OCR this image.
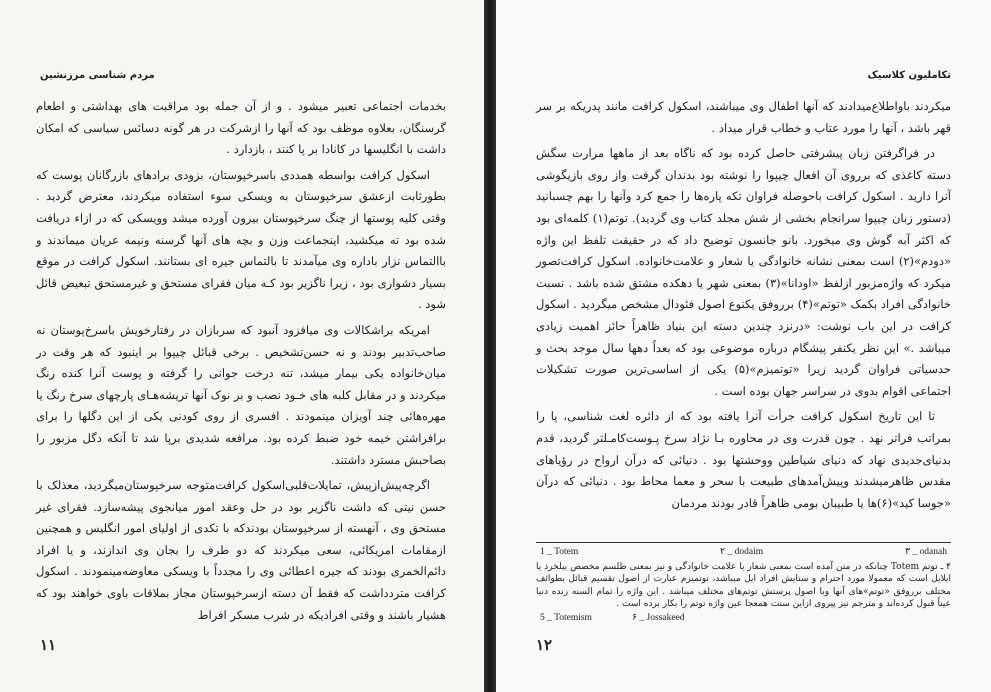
مردم شناسی مرزنشین

بخدمات اجتماعی تعبیر میشود . و از آن جمله بود مراقبت های بهداشتی و اطعام گرسنگان، بعلاوه موظف بود که آنها را ازشرکت در هر گونه دسائس سیاسی که امکان داشت با انگلیسها در کانادا بر پا کنند ، بازدارد .

اسکول کرافت بواسطه همددی باسرخپوستان، بزودی برادهای بازرگانان پوست که بطورثابت ازعشق سرخپوستان به ویسکی سوء استفاده میکردند، معترض گردید . وقتی کلیه پوستها از چنگ سرخپوستان بیرون آورده میشد وویسکی که در ازاء دریافت شده بود ته میکشید، اینجماعت وزن و بچه های آنها گرسنه ونیمه عریان میماندند و باالتماس نزار باداره وی میآمدند تا بالتماس جیره ای بستانند. اسکول کرافت در موقع بسیار دشواری بود ، زیرا ناگزیر بود کـه میان فقرای مستحق و غیرمستحق تبعیض قائل شود .

امریکه براشکالات وی میافزود آنبود که سربازان در رفتارخویش باسرخ‌پوستان نه صاحب‌تدبیر بودند و نه حسن‌تشخیص . برخی قبائل چیپوا بر اینبود که هر وقت در میان‌خانواده یکی بیمار میشد، تنه درخت جوانی را گرفته و پوست آنرا کنده رنگ میکردند و در مقابل کلبه های خـود نصب و بر نوک آنها تریشه‌هـای پارچهای سرخ رنگ یا مهره‌هائی چند آویزان مینمودند . افسری از روی کودنی یکی از این دگلها را برای برافراشتن خیمه خود ضبط کرده بود. مرافعه شدیدی برپا شد تا آنکه دگل مزبور را بصاحبش مسترد داشتند.

اگرچه‌پیش‌ازپیش، تمایلات‌قلبی‌اسکول کرافت‌متوجه سرخپوستان‌میگردید، معذلک با حسن نیتی که داشت ناگزیر بود در حل وعقد امور میانجوی پیشه‌سازد. فقرای غیر مستحق وی ، آنهسته از سرخپوستان بودندکه با تکدی از اولیای امور انگلیس و همچنین ازمقامات امریکائی، سعی میکردند که دو طرف را بجان وی اندازند، و یا افراد دائم‌الخمری بودند که جیره اعطائی وی را مجدداً با ویسکی معاوضه‌مینمودند . اسکول کرافت متردداشت که فقط آن دسته ازسرخپوستان مجاز بملاقات باوی خواهند بود که هشیار باشند و وقتی افرادیکه در شرب مسکر افراط

۱۱
تکاملیون کلاسیک

میکردند باواطلاع‌میدادند که آنها اطفال وی میباشند، اسکول کرافت مانند پدریکه بر سر قهر باشد ، آنها را مورد عتاب و خطاب قرار میداد .

در فراگرفتن زبان پیشرفتی حاصل کرده بود که ناگاه بعد از ماهها مرارت سگش دسته کاغذی که برروی آن افعال چیپوا را نوشته بود بدندان گرفت واز روی بازیگوشی آنرا دارید . اسکول کرافت باحوصله فراوان تکه پاره‌ها را جمع کرد وآنها را بهم چسبانید (دستور زبان چیپوا سرانجام بخشی از شش مجلد کتاب وی گردید). توتم(۱) کلمه‌ای بود که اکثر آبه گوش وی میخورد. بانو جانسون توضیح داد که در حقیقت تلفظ این واژه «دودم»(۲) است بمعنی نشانه خانوادگی یا شعار و علامت‌خانواده. اسکول کرافت‌تصور میکرد که واژه‌مزبور ازلفظ «اودانا»(۳) بمعنی شهر یا دهکده مشتق شده باشد . نسبت خانوادگی افراد بکمک «توتم»(۴) برروفق یکنوع اصول فئودال مشخص میگردید . اسکول کرافت در این باب نوشت: «درنزد چندین دسته این بنیاد ظاهراً حائز اهمیت زیادی میباشد .» این نظر یکنفر پیشگام درباره موضوعی بود که بعداً دهها سال موجد بحث و حدسیاتی فراوان گردید زیرا «توتمیزم»(۵) یکی از اساسی‌ترین صورت تشکیلات اجتماعی اقوام بدوی در سراسر جهان بوده است .

تا این تاریخ اسکول کرافت جرأت آنرا یافته بود که از دائره لغت شناسی، پا را بمراتب فراتر نهد . چون قدرت وی در محاوره بـا نژاد سرخ پـوست‌کامـلتر گردید، قدم بدنیای‌جدیدی نهاد که دنیای شیاطین ووحشتها بود . دنیائی که درآن ارواح در رؤیاهای مقدس ظاهرمیشدند وپیش‌آمدهای طبیعت با سحر و معما محاط بود . دنیائی که درآن «جوسا کید»(۶)ها یا طبیبان بومی ظاهراً قادر بودند مردمان

1 _ Totem	۲ _ dodaim	۳ _ odanah
۴ ـ توتم Totem چنانکه در متن آمده است بمعنی شعار یا علامت خانوادگی و نیز بمعنی طلسم مخصص بیلخرد یا ایلایل است که معمولا مورد احترام و ستایش افراد ایل میباشد، توتمیزم عبارت از اصول تقسیم قبائل بطوائف مختلف برروفق «توتم»های آنها وبا اصول پرستش توتم‌های مختلف میباشد . این واژه را تمام السنه زنده دنیا عیناً قبول کرده‌اند و مترجم نیز پیروی ازاین سنت همعجا عین واژه توتم را بکار برده است .
5 _ Totemism	۶ _ Jossakeed
۱۲
